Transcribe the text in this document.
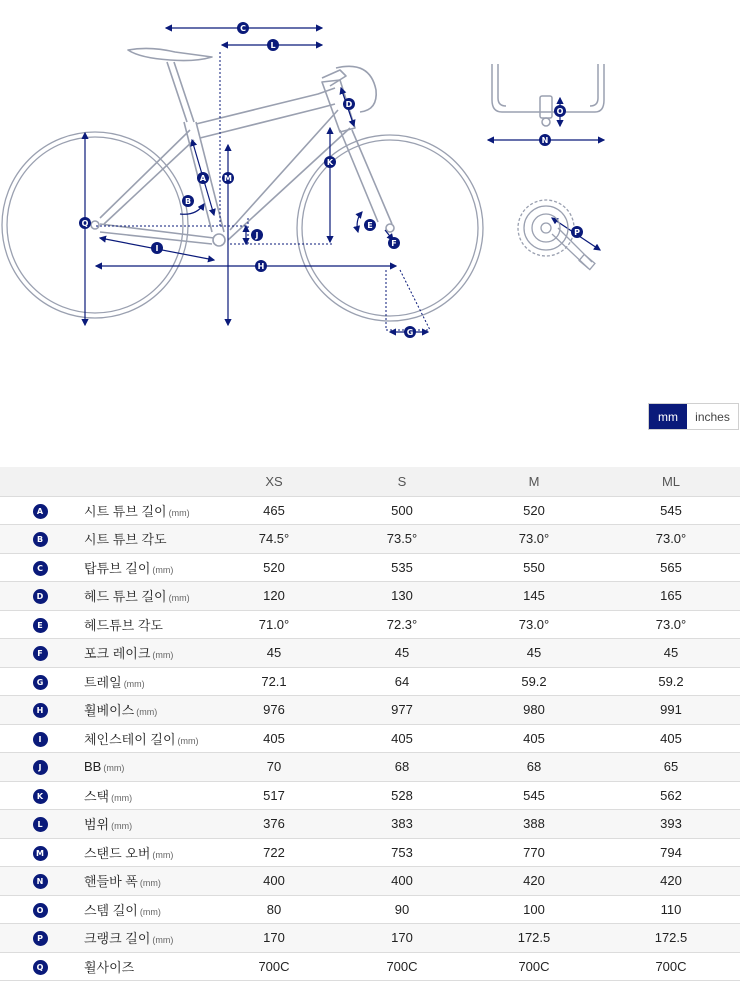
A
B
C
D
E
F
G
H
I
J
K
L
M
N
O
P
Q
mm	inches
		XS	S	M	ML
A	시트 튜브 길이 (mm)	465	500	520	545
B	시트 튜브 각도	74.5°	73.5°	73.0°	73.0°
C	탑튜브 길이 (mm)	520	535	550	565
D	헤드 튜브 길이 (mm)	120	130	145	165
E	헤드튜브 각도	71.0°	72.3°	73.0°	73.0°
F	포크 레이크 (mm)	45	45	45	45
G	트레일 (mm)	72.1	64	59.2	59.2
H	휠베이스 (mm)	976	977	980	991
I	체인스테이 길이 (mm)	405	405	405	405
J	BB (mm)	70	68	68	65
K	스택 (mm)	517	528	545	562
L	범위 (mm)	376	383	388	393
M	스탠드 오버 (mm)	722	753	770	794
N	핸들바 폭 (mm)	400	400	420	420
O	스템 길이 (mm)	80	90	100	110
P	크랭크 길이 (mm)	170	170	172.5	172.5
Q	휠사이즈	700C	700C	700C	700C
